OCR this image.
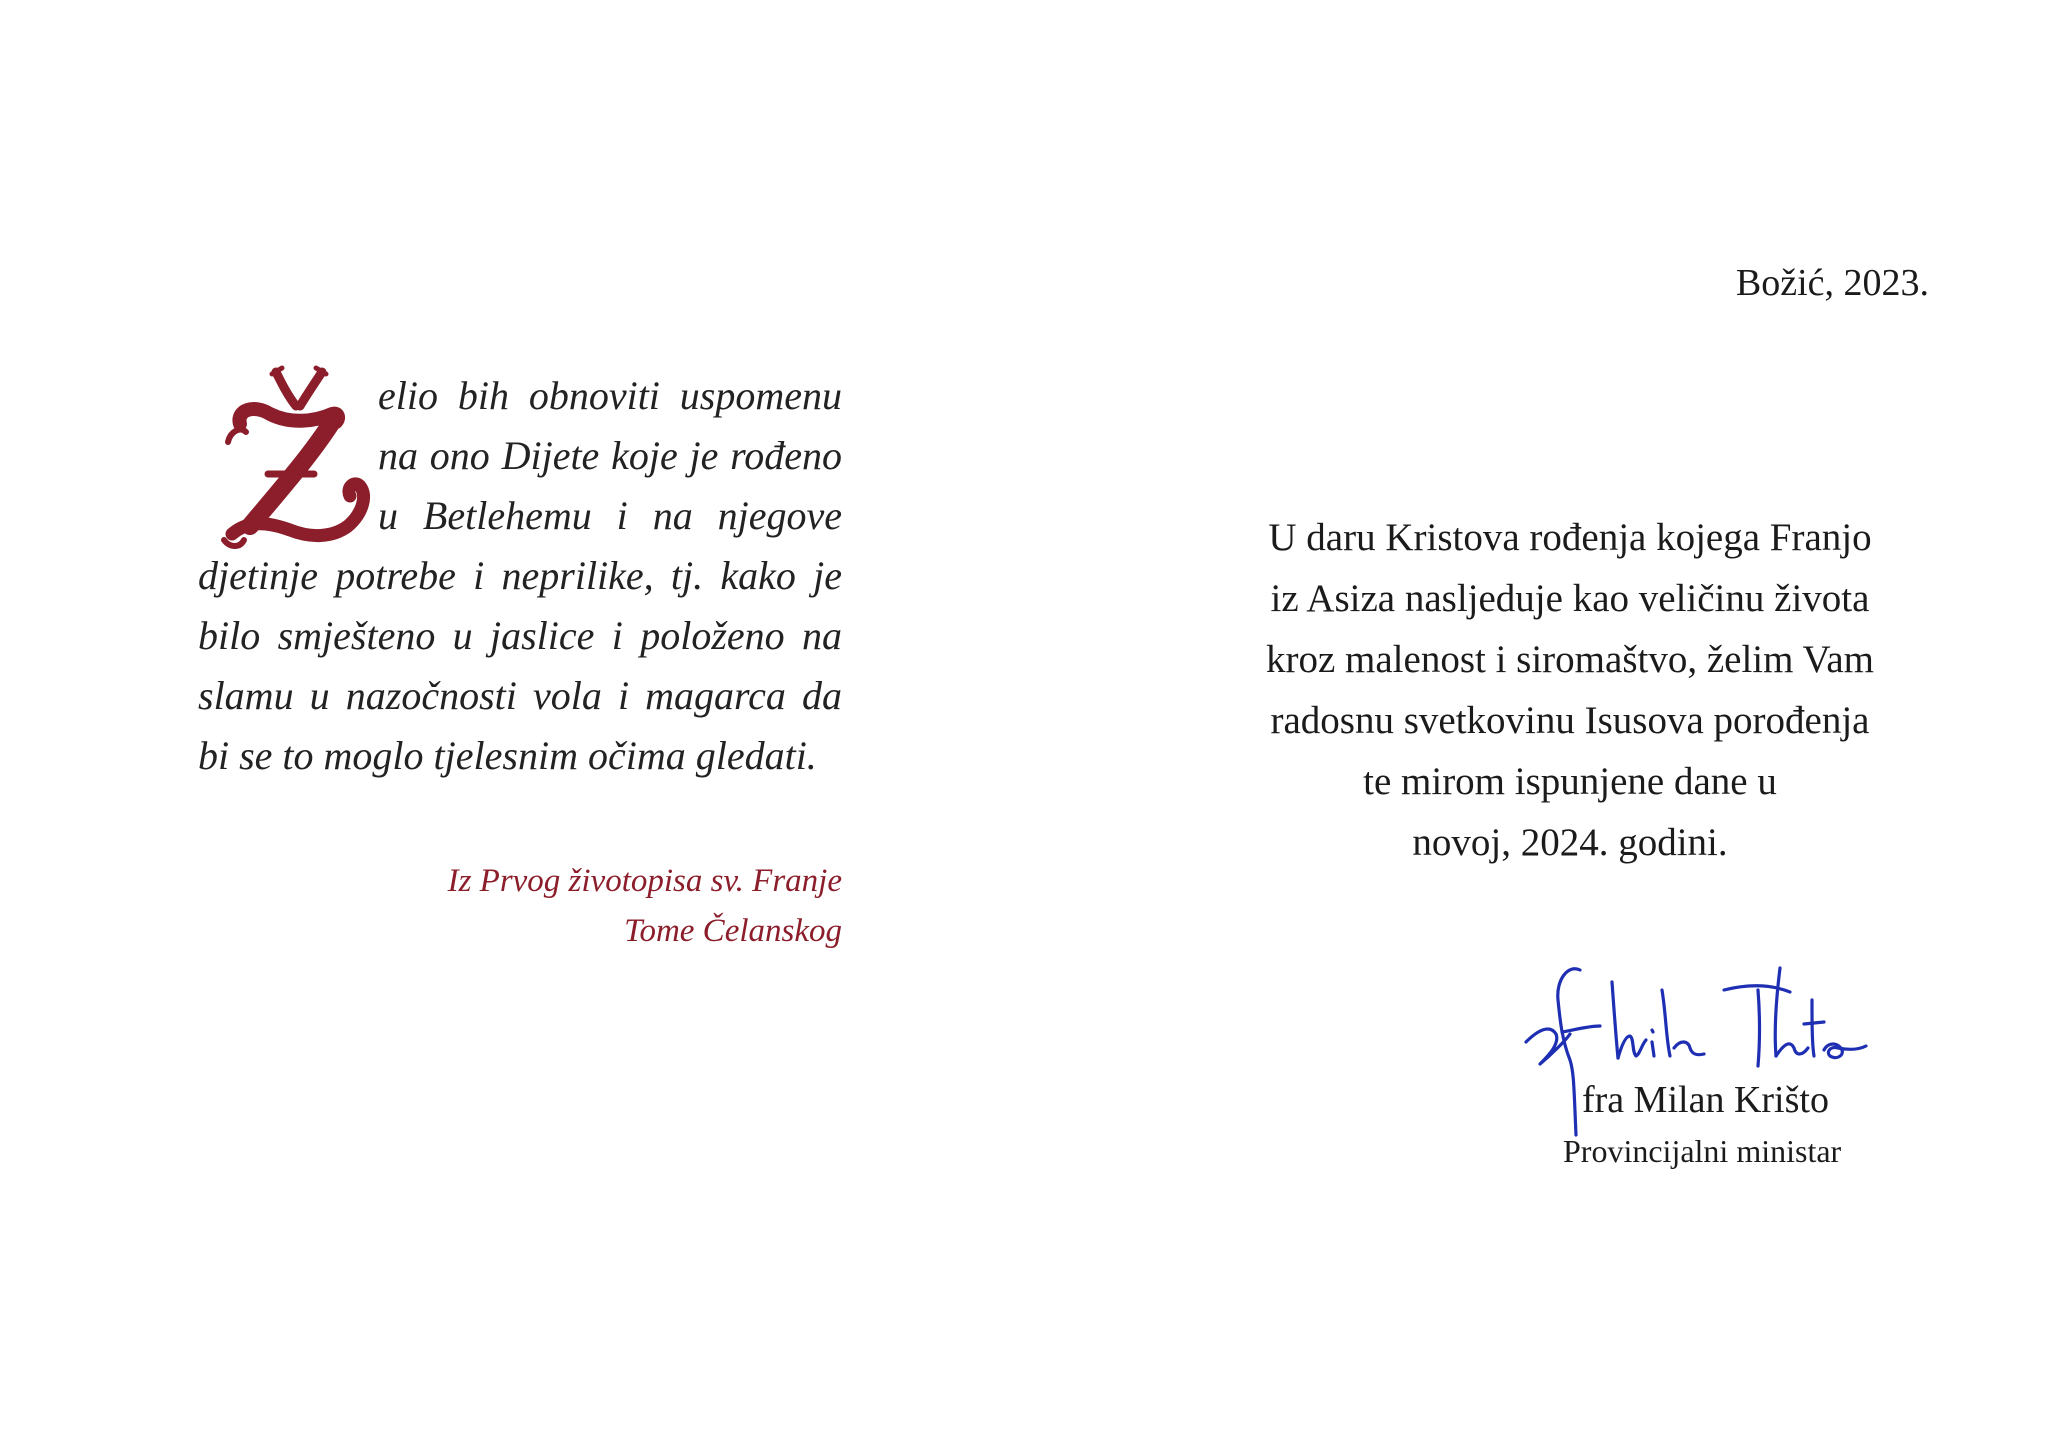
elio bih obnoviti uspomenu
na ono Dijete koje je rođeno
u Betlehemu i na njegove
djetinje potrebe i neprilike, tj. kako je
bilo smješteno u jaslice i položeno na
slamu u nazočnosti vola i magarca da
bi se to moglo tjelesnim očima gledati.
Iz Prvog životopisa sv. Franje
Tome Čelanskog
Božić, 2023.
U daru Kristova rođenja kojega Franjo
iz Asiza nasljeduje kao veličinu života
kroz malenost i siromaštvo, želim Vam
radosnu svetkovinu Isusova porođenja
te mirom ispunjene dane u
novoj, 2024. godini.
fra Milan Krišto
Provincijalni ministar
